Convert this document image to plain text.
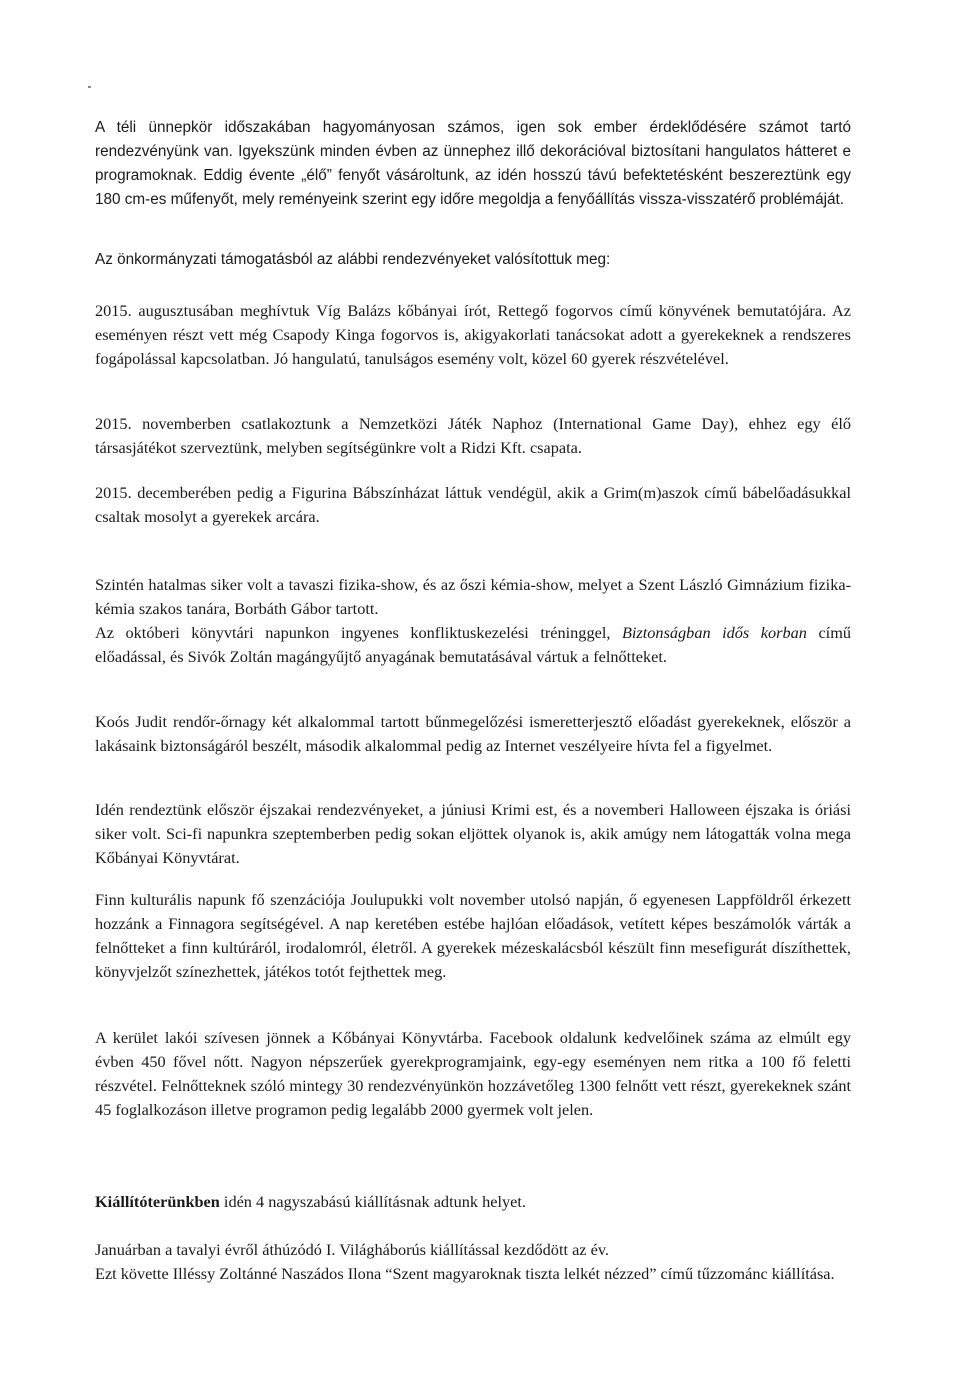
A téli ünnepkör időszakában hagyományosan számos, igen sok ember érdeklődésére számot tartó rendezvényünk van. Igyekszünk minden évben az ünnephez illő dekorációval biztosítani hangulatos hátteret e programoknak. Eddig évente „élő” fenyőt vásároltunk, az idén hosszú távú befektetésként beszereztünk egy 180 cm-es műfenyőt, mely reményeink szerint egy időre megoldja a fenyőállítás vissza-visszatérő problémáját.

Az önkormányzati támogatásból az alábbi rendezvényeket valósítottuk meg:

2015. augusztusában meghívtuk Víg Balázs kőbányai írót, Rettegő fogorvos című könyvének bemutatójára. Az eseményen részt vett még Csapody Kinga fogorvos is, akigyakorlati tanácsokat adott a gyerekeknek a rendszeres fogápolással kapcsolatban. Jó hangulatú, tanulságos esemény volt, közel 60 gyerek részvételével.

2015. novemberben csatlakoztunk a Nemzetközi Játék Naphoz (International Game Day), ehhez egy élő társasjátékot szerveztünk, melyben segítségünkre volt a Ridzi Kft. csapata.

2015. decemberében pedig a Figurina Bábszínházat láttuk vendégül, akik a Grim(m)aszok című bábelőadásukkal csaltak mosolyt a gyerekek arcára.

Szintén hatalmas siker volt a tavaszi fizika-show, és az őszi kémia-show, melyet a Szent László Gimnázium fizika-kémia szakos tanára, Borbáth Gábor tartott.

Az októberi könyvtári napunkon ingyenes konfliktuskezelési tréninggel, Biztonságban idős korban című előadással, és Sivók Zoltán magángyűjtő anyagának bemutatásával vártuk a felnőtteket.

Koós Judit rendőr-őrnagy két alkalommal tartott bűnmegelőzési ismeretterjesztő előadást gyerekeknek, először a lakásaink biztonságáról beszélt, második alkalommal pedig az Internet veszélyeire hívta fel a figyelmet.

Idén rendeztünk először éjszakai rendezvényeket, a júniusi Krimi est, és a novemberi Halloween éjszaka is óriási siker volt. Sci-fi napunkra szeptemberben pedig sokan eljöttek olyanok is, akik amúgy nem látogatták volna mega Kőbányai Könyvtárat.

Finn kulturális napunk fő szenzációja Joulupukki volt november utolsó napján, ő egyenesen Lappföldről érkezett hozzánk a Finnagora segítségével. A nap keretében estébe hajlóan előadások, vetített képes beszámolók várták a felnőtteket a finn kultúráról, irodalomról, életről. A gyerekek mézeskalácsból készült finn mesefigurát díszíthettek, könyvjelzőt színezhettek, játékos totót fejthettek meg.

A kerület lakói szívesen jönnek a Kőbányai Könyvtárba. Facebook oldalunk kedvelőinek száma az elmúlt egy évben 450 fővel nőtt. Nagyon népszerűek gyerekprogramjaink, egy-egy eseményen nem ritka a 100 fő feletti részvétel. Felnőtteknek szóló mintegy 30 rendezvényünkön hozzávetőleg 1300 felnőtt vett részt, gyerekeknek szánt 45 foglalkozáson illetve programon pedig legalább 2000 gyermek volt jelen.

Kiállítóterünkben idén 4 nagyszabású kiállításnak adtunk helyet.

Januárban a tavalyi évről áthúzódó I. Világháborús kiállítással kezdődött az év.
Ezt követte Illéssy Zoltánné Naszádos Ilona “Szent magyaroknak tiszta lelkét nézzed” című tűzzománc kiállítása.
